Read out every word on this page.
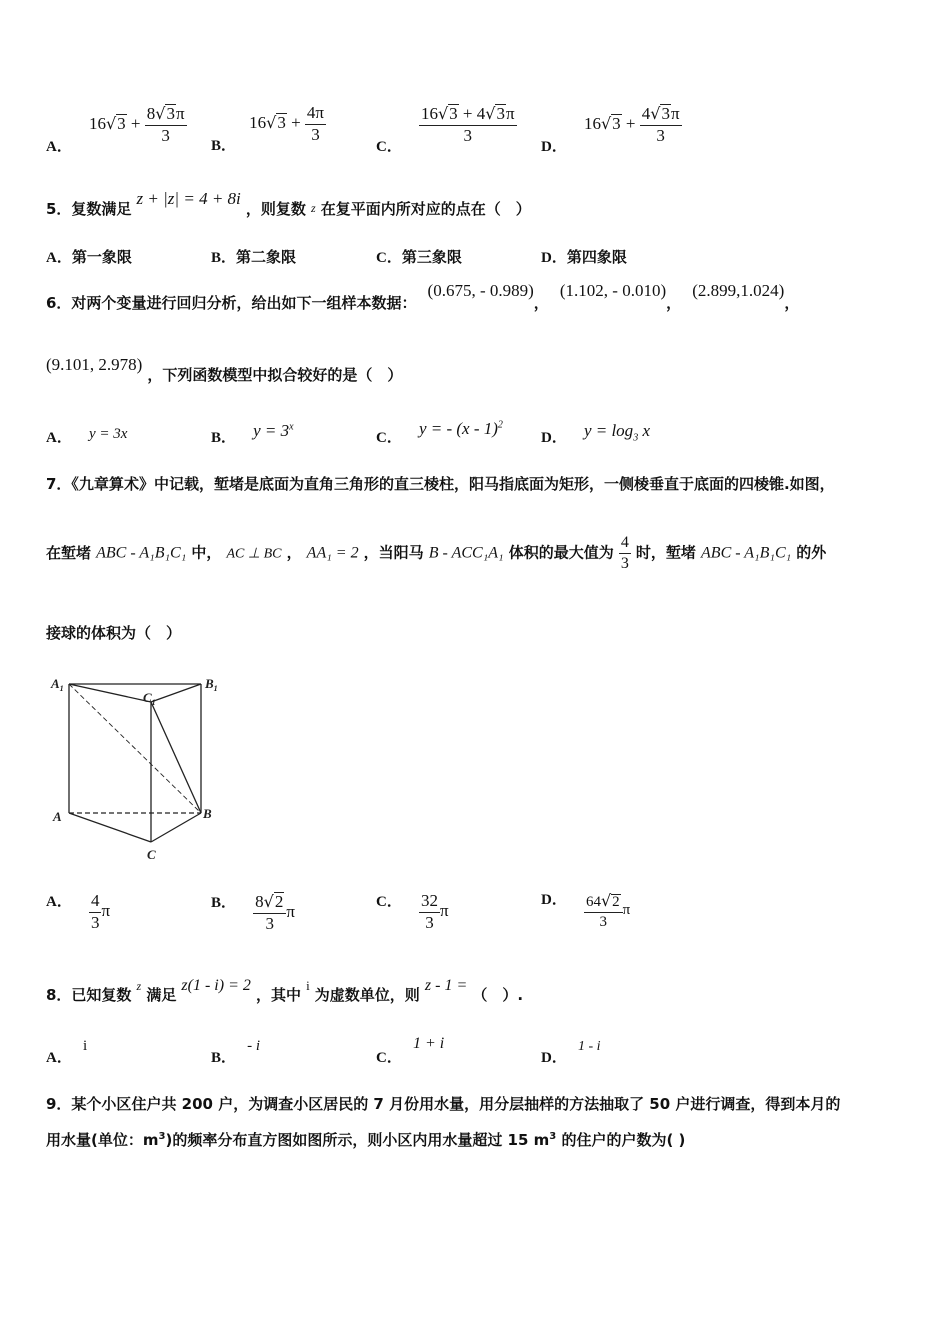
A． $16√3 + \frac{8√3\pi}{3}$
B． $16√3 + \frac{4\pi}{3}$
C．
$\frac{16√3 + 4√3\pi}{3}$
D． $16√3 + \frac{4√3\pi}{3}$
5．复数满足 z + |z| = 4 + 8i ，则复数 $_z$ 在复平面内所对应的点在（　）
A．第一象限	B．第二象限	C．第三象限	D．第四象限
6．对两个变量进行回归分析，给出如下一组样本数据： (0.675, - 0.989)， (1.102, - 0.010)， (2.899,1.024)，
(9.101, 2.978) ，下列函数模型中拟合较好的是（　）
A． y = 3x	B． $y = 3^x$
C． y = - (x - 1)$^2$
D． $y = \log_3 x$
7．《九章算术》中记载，堑堵是底面为直角三角形的直三棱柱，阳马指底面为矩形，一侧棱垂直于底面的四棱锥.如图，
在堑堵 ABC - A₁B₁C₁ 中， AC ⊥ BC ， AA₁ = 2 ，当阳马 B - ACC₁A₁ 体积的最大值为 $\frac{4}{3}$ 时，堑堵 ABC - A₁B₁C₁ 的外
接球的体积为（　）
$A_1$	$B_1$
$C_1$
A	B
C
A． $\frac{4}{3}$ π	B． $\frac{8√2}{3}$ π	C． $\frac{32}{3}$ π
D． $\frac{64√2}{3}$ π
8．已知复数 z 满足 z(1 - i) = 2 ，其中 i 为虚数单位，则 z - 1 = （　）.
A． i
B． - i
C． 1 + i
D． 1 - i
9．某个小区住户共 200 户，为调查小区居民的 7 月份用水量，用分层抽样的方法抽取了 50 户进行调查，得到本月的
用水量(单位：$m^3$)的频率分布直方图如图所示，则小区内用水量超过 15 $m^3$ 的住户的户数为( )
